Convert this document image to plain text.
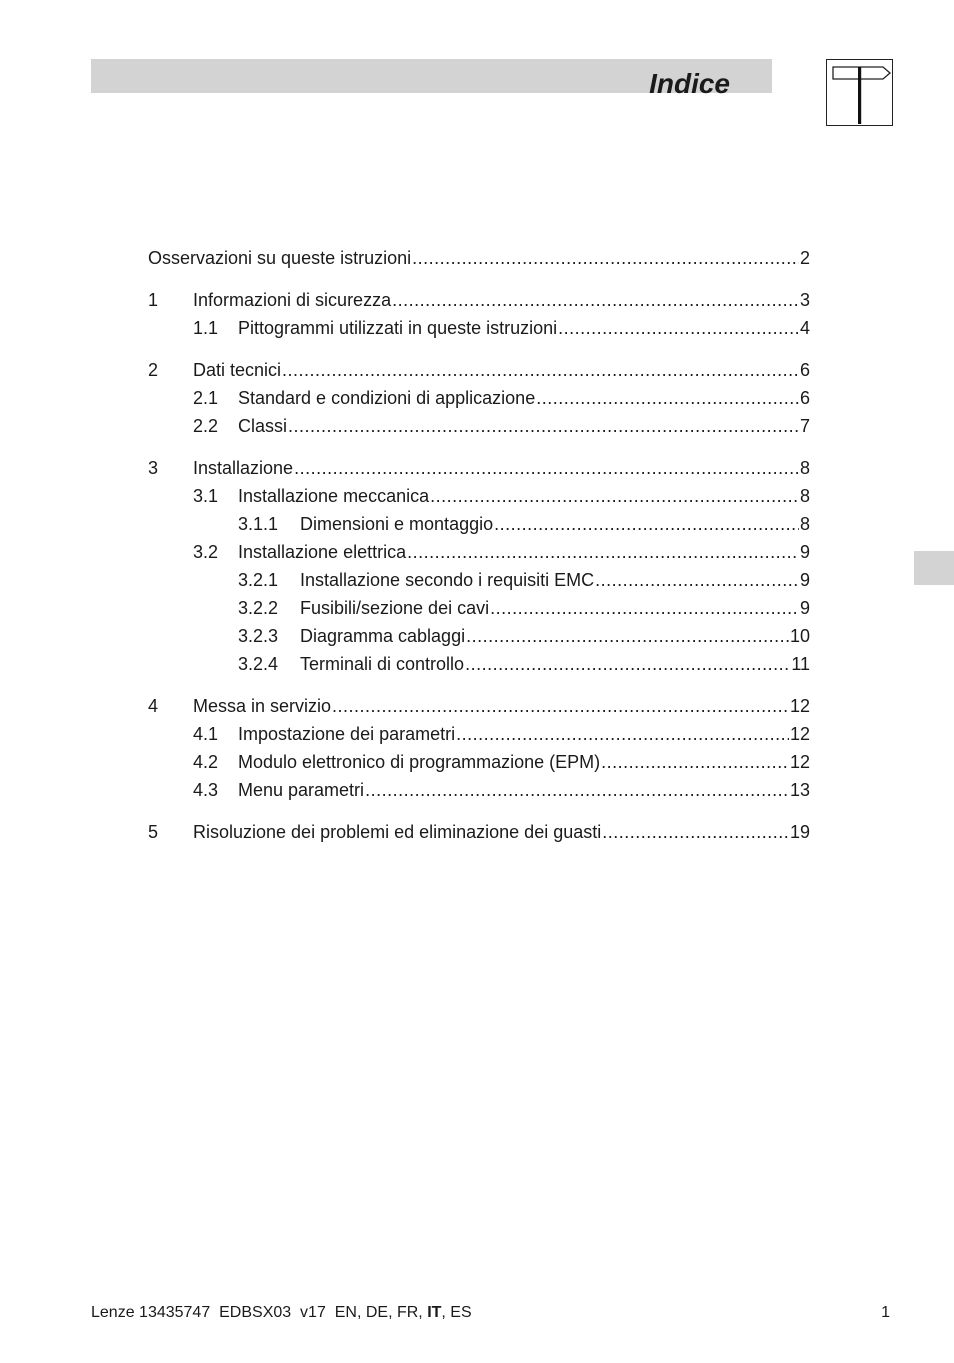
Indice
Osservazioni su queste istruzioni .....	2
1	Informazioni di sicurezza .....	3
1.1	Pittogrammi utilizzati in queste istruzioni .....	4
2	Dati tecnici .....	6
2.1	Standard e condizioni di applicazione .....	6
2.2	Classi .....	7
3	Installazione .....	8
3.1	Installazione meccanica .....	8
3.1.1	Dimensioni e montaggio .....	8
3.2	Installazione elettrica .....	9
3.2.1	Installazione secondo i requisiti EMC .....	9
3.2.2	Fusibili/sezione dei cavi .....	9
3.2.3	Diagramma cablaggi .....	10
3.2.4	Terminali di controllo .....	11
4	Messa in servizio .....	12
4.1	Impostazione dei parametri .....	12
4.2	Modulo elettronico di programmazione (EPM) .....	12
4.3	Menu parametri .....	13
5	Risoluzione dei problemi ed eliminazione dei guasti .....	19
Lenze 13435747  EDBSX03  v17  EN, DE, FR, IT, ES	1
